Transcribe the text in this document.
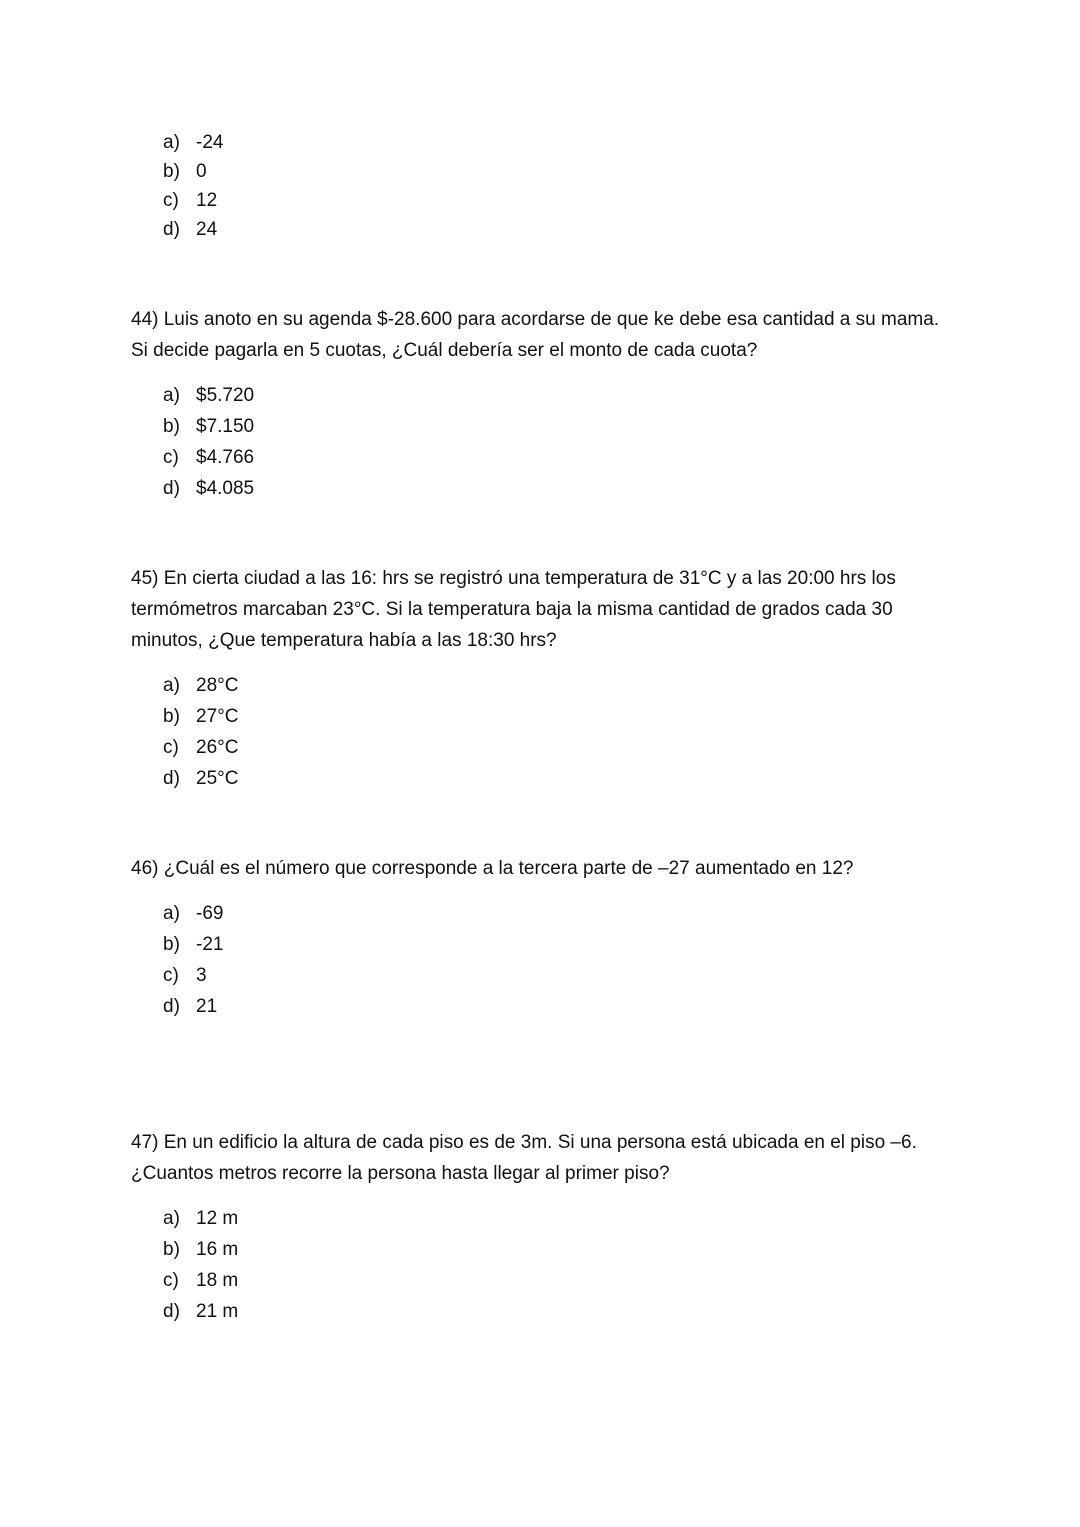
a) -24
b) 0
c) 12
d) 24

44) Luis anoto en su agenda $-28.600 para acordarse de que ke debe esa cantidad a su mama. Si decide pagarla en 5 cuotas, ¿Cuál debería ser el monto de cada cuota?

a) $5.720
b) $7.150
c) $4.766
d) $4.085

45) En cierta ciudad a las 16: hrs se registró una temperatura de 31°C y a las 20:00 hrs los termómetros marcaban 23°C. Si la temperatura baja la misma cantidad de grados cada 30 minutos, ¿Que temperatura había a las 18:30 hrs?

a) 28°C
b) 27°C
c) 26°C
d) 25°C

46) ¿Cuál es el número que corresponde a la tercera parte de –27 aumentado en 12?

a) -69
b) -21
c) 3
d) 21

47) En un edificio la altura de cada piso es de 3m. Si una persona está ubicada en el piso –6. ¿Cuantos metros recorre la persona hasta llegar al primer piso?

a) 12 m
b) 16 m
c) 18 m
d) 21 m
